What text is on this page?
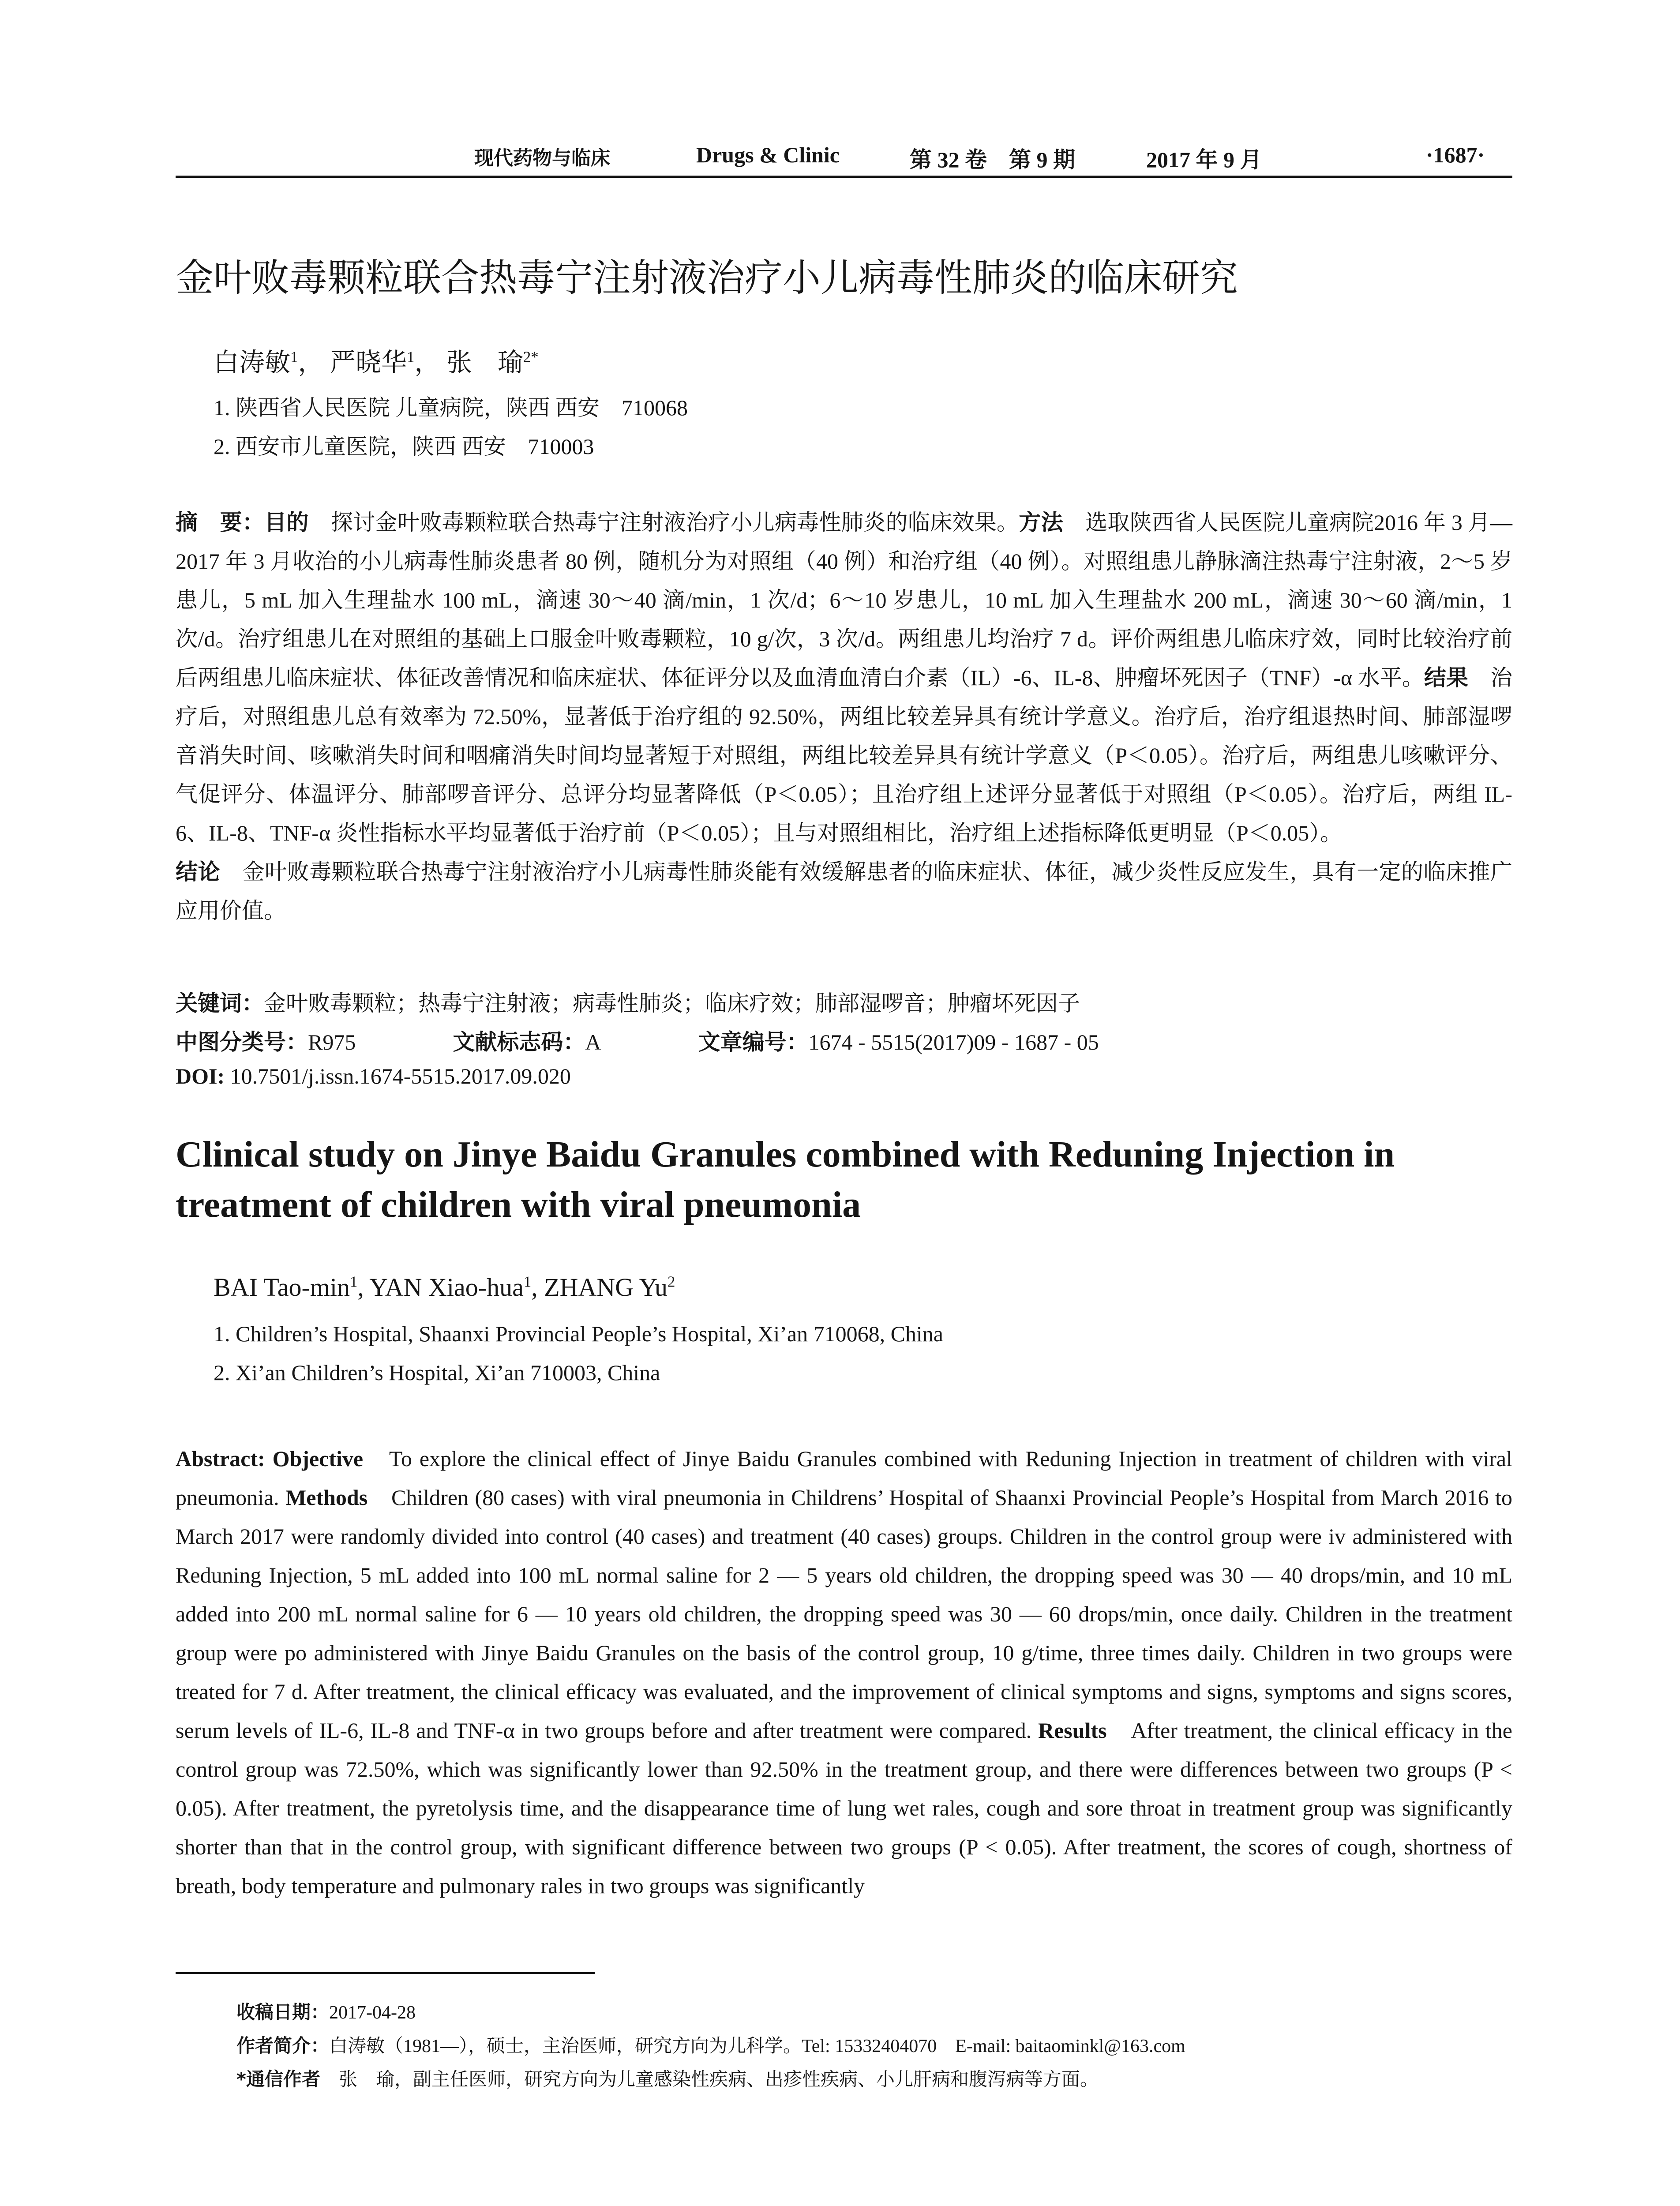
现代药物与临床	Drugs & Clinic	第 32 卷　第 9 期	2017 年 9 月	·1687·
金叶败毒颗粒联合热毒宁注射液治疗小儿病毒性肺炎的临床研究
白涛敏$^1$， 严晓华$^1$， 张　瑜$^{2*}$
1. 陕西省人民医院 儿童病院，陕西 西安　710068
2. 西安市儿童医院，陕西 西安　710003
摘　要：目的　探讨金叶败毒颗粒联合热毒宁注射液治疗小儿病毒性肺炎的临床效果。方法　选取陕西省人民医院儿童病院2016 年 3 月—2017 年 3 月收治的小儿病毒性肺炎患者 80 例，随机分为对照组（40 例）和治疗组（40 例）。对照组患儿静脉滴注热毒宁注射液，2～5 岁患儿，5 mL 加入生理盐水 100 mL，滴速 30～40 滴/min，1 次/d；6～10 岁患儿，10 mL 加入生理盐水 200 mL，滴速 30～60 滴/min，1 次/d。治疗组患儿在对照组的基础上口服金叶败毒颗粒，10 g/次，3 次/d。两组患儿均治疗 7 d。评价两组患儿临床疗效，同时比较治疗前后两组患儿临床症状、体征改善情况和临床症状、体征评分以及血清血清白介素（IL）-6、IL-8、肿瘤坏死因子（TNF）-α 水平。结果　治疗后，对照组患儿总有效率为 72.50%，显著低于治疗组的 92.50%，两组比较差异具有统计学意义。治疗后，治疗组退热时间、肺部湿啰音消失时间、咳嗽消失时间和咽痛消失时间均显著短于对照组，两组比较差异具有统计学意义（P＜0.05）。治疗后，两组患儿咳嗽评分、气促评分、体温评分、肺部啰音评分、总评分均显著降低（P＜0.05）；且治疗组上述评分显著低于对照组（P＜0.05）。治疗后，两组 IL-6、IL-8、TNF-α 炎性指标水平均显著低于治疗前（P＜0.05）；且与对照组相比，治疗组上述指标降低更明显（P＜0.05）。
结论　金叶败毒颗粒联合热毒宁注射液治疗小儿病毒性肺炎能有效缓解患者的临床症状、体征，减少炎性反应发生，具有一定的临床推广应用价值。
关键词：金叶败毒颗粒；热毒宁注射液；病毒性肺炎；临床疗效；肺部湿啰音；肿瘤坏死因子
中图分类号：R975	文献标志码：A	文章编号：1674 - 5515(2017)09 - 1687 - 05
DOI: 10.7501/j.issn.1674-5515.2017.09.020
Clinical study on Jinye Baidu Granules combined with Reduning Injection in treatment of children with viral pneumonia
BAI Tao-$\min^1$, YAN Xiao-hua$^1$, ZHANG Yu$^2$
1. Children’s Hospital, Shaanxi Provincial People’s Hospital, Xi’an 710068, China
2. Xi’an Children’s Hospital, Xi’an 710003, China
Abstract: Objective　To explore the clinical effect of Jinye Baidu Granules combined with Reduning Injection in treatment of children with viral pneumonia. Methods　Children (80 cases) with viral pneumonia in Childrens’ Hospital of Shaanxi Provincial People’s Hospital from March 2016 to March 2017 were randomly divided into control (40 cases) and treatment (40 cases) groups. Children in the control group were iv administered with Reduning Injection, 5 mL added into 100 mL normal saline for 2 — 5 years old children, the dropping speed was 30 — 40 drops/min, and 10 mL added into 200 mL normal saline for 6 — 10 years old children, the dropping speed was 30 — 60 drops/min, once daily. Children in the treatment group were po administered with Jinye Baidu Granules on the basis of the control group, 10 g/time, three times daily. Children in two groups were treated for 7 d. After treatment, the clinical efficacy was evaluated, and the improvement of clinical symptoms and signs, symptoms and signs scores, serum levels of IL-6, IL-8 and TNF-α in two groups before and after treatment were compared. Results　After treatment, the clinical efficacy in the control group was 72.50%, which was significantly lower than 92.50% in the treatment group, and there were differences between two groups (P < 0.05). After treatment, the pyretolysis time, and the disappearance time of lung wet rales, cough and sore throat in treatment group was significantly shorter than that in the control group, with significant difference between two groups (P < 0.05). After treatment, the scores of cough, shortness of breath, body temperature and pulmonary rales in two groups was significantly
收稿日期：2017-04-28
作者简介：白涛敏（1981—），硕士，主治医师，研究方向为儿科学。Tel: 15332404070　E-mail: baitaominkl@163.com
*通信作者　张　瑜，副主任医师，研究方向为儿童感染性疾病、出疹性疾病、小儿肝病和腹泻病等方面。
